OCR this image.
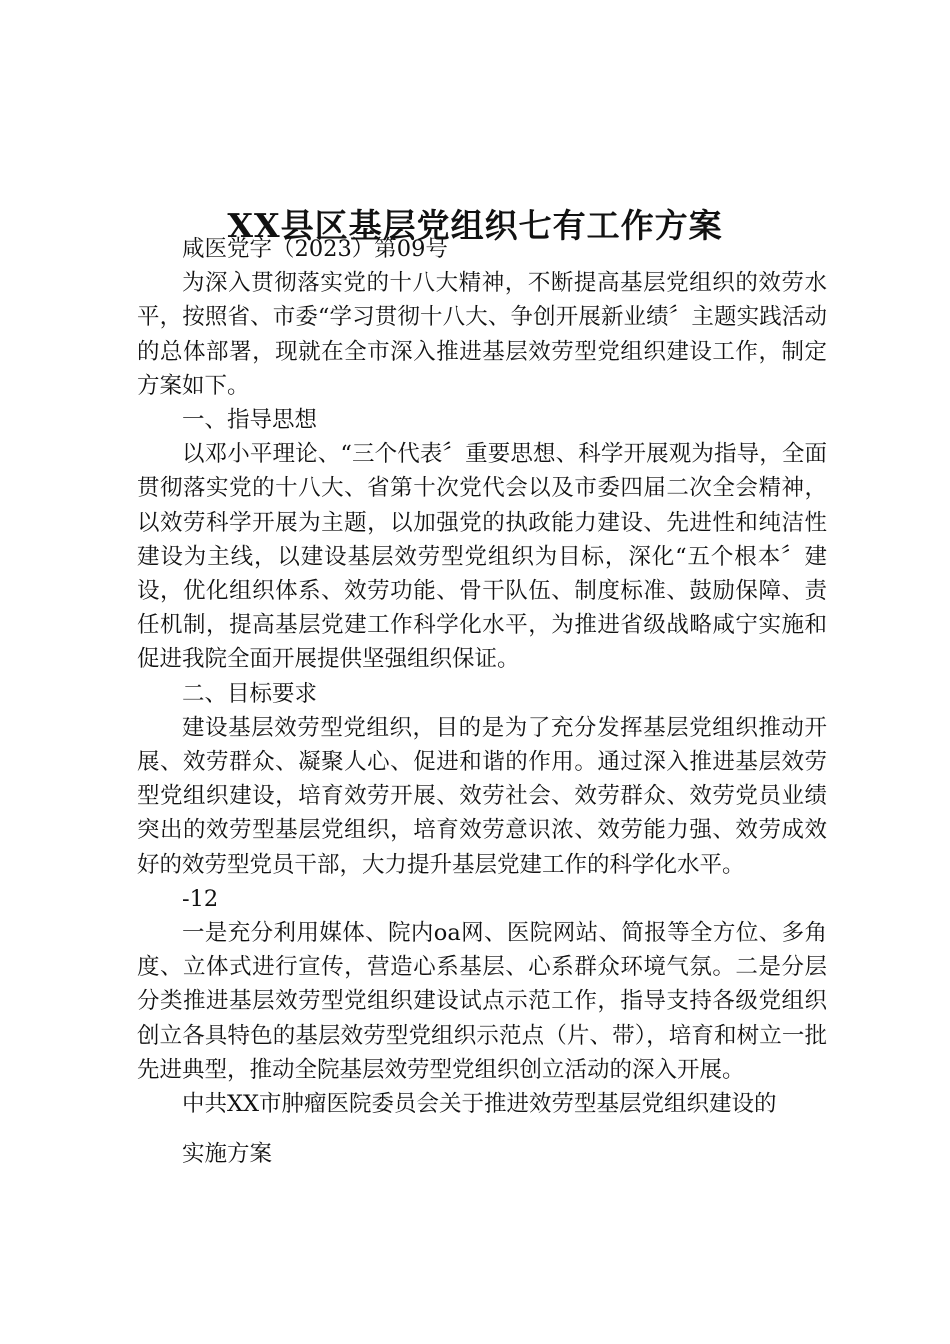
XX县区基层党组织七有工作方案

咸医党字（2023）第09号

为深入贯彻落实党的十八大精神，不断提高基层党组织的效劳水平，按照省、市委“学习贯彻十八大、争创开展新业绩〞主题实践活动的总体部署，现就在全市深入推进基层效劳型党组织建设工作，制定方案如下。

一、指导思想

以邓小平理论、“三个代表〞重要思想、科学开展观为指导，全面贯彻落实党的十八大、省第十次党代会以及市委四届二次全会精神，以效劳科学开展为主题，以加强党的执政能力建设、先进性和纯洁性建设为主线，以建设基层效劳型党组织为目标，深化“五个根本〞建设，优化组织体系、效劳功能、骨干队伍、制度标准、鼓励保障、责任机制，提高基层党建工作科学化水平，为推进省级战略咸宁实施和促进我院全面开展提供坚强组织保证。

二、目标要求

建设基层效劳型党组织，目的是为了充分发挥基层党组织推动开展、效劳群众、凝聚人心、促进和谐的作用。通过深入推进基层效劳型党组织建设，培育效劳开展、效劳社会、效劳群众、效劳党员业绩突出的效劳型基层党组织，培育效劳意识浓、效劳能力强、效劳成效好的效劳型党员干部，大力提升基层党建工作的科学化水平。

-12

一是充分利用媒体、院内oa网、医院网站、简报等全方位、多角度、立体式进行宣传，营造心系基层、心系群众环境气氛。二是分层分类推进基层效劳型党组织建设试点示范工作，指导支持各级党组织创立各具特色的基层效劳型党组织示范点（片、带），培育和树立一批先进典型，推动全院基层效劳型党组织创立活动的深入开展。

中共XX市肿瘤医院委员会关于推进效劳型基层党组织建设的

实施方案
